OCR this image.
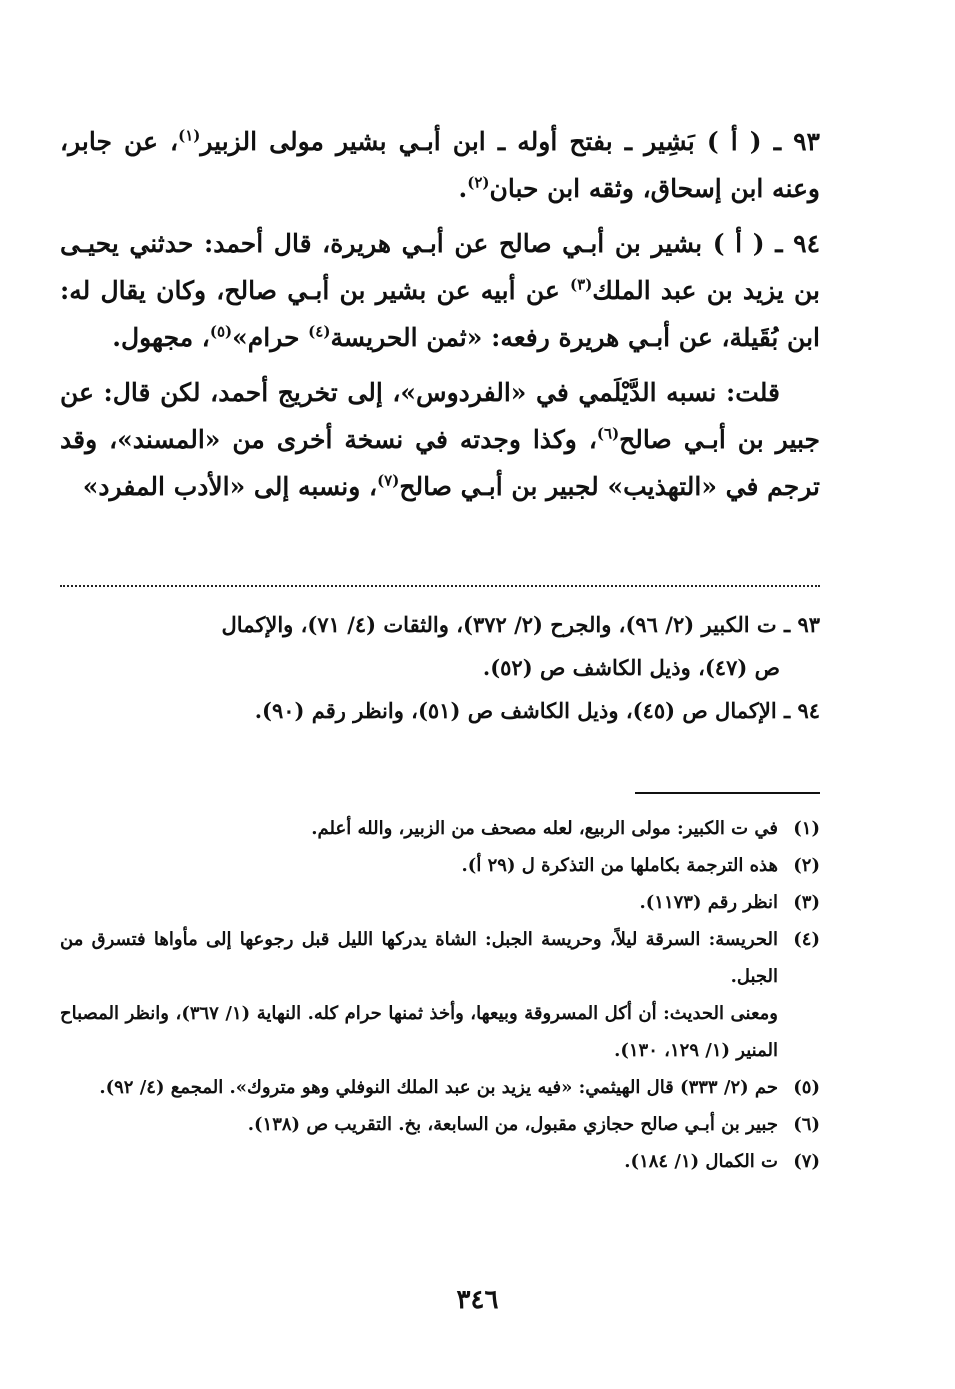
٩٣ ـ ( أ ) بَشِير ـ بفتح أوله ـ ابن أبـي بشير مولى الزبير$^{(١)}$، عن جابر، وعنه ابن إسحاق، وثقه ابن حبان$^{(٢)}$.

٩٤ ـ ( أ ) بشير بن أبـي صالح عن أبـي هريرة، قال أحمد: حدثني يحيـى بن يزيد بن عبد الملك$^{(٣)}$ عن أبيه عن بشير بن أبـي صالح، وكان يقال له: ابن بُقَيلة، عن أبـي هريرة رفعه: «ثمن الحريسة$^{(٤)}$ حرام»$^{(٥)}$، مجهول.

قلت: نسبه الدَّيْلَمي في «الفردوس»، إلى تخريج أحمد، لكن قال: عن جبير بن أبـي صالح$^{(٦)}$، وكذا وجدته في نسخة أخرى من «المسند»، وقد ترجم في «التهذيب» لجبير بن أبـي صالح$^{(٧)}$، ونسبه إلى «الأدب المفرد»

٩٣ ـ ت الكبير (٢/ ٩٦)، والجرح (٢/ ٣٧٢)، والثقات (٤/ ٧١)، والإكمال

ص (٤٧)، وذيل الكاشف ص (٥٢).

٩٤ ـ الإكمال ص (٤٥)، وذيل الكاشف ص (٥١)، وانظر رقم (٩٠).

(١)

في ت الكبير: مولى الربيع، لعله مصحف من الزبير، والله أعلم.

(٢)

هذه الترجمة بكاملها من التذكرة ل (٢٩ أ).

(٣)

انظر رقم (١١٧٣).

(٤)

الحريسة: السرقة ليلاً، وحريسة الجبل: الشاة يدركها الليل قبل رجوعها إلى مأواها فتسرق من الجبل.

ومعنى الحديث: أن أكل المسروقة وبيعها، وأخذ ثمنها حرام كله. النهاية (١/ ٣٦٧)، وانظر المصباح المنير (١/ ١٢٩، ١٣٠).

(٥)

حم (٢/ ٣٣٣) قال الهيثمي: «فيه يزيد بن عبد الملك النوفلي وهو متروك». المجمع (٤/ ٩٢).

(٦)

جبير بن أبـي صالح حجازي مقبول، من السابعة، بخ. التقريب ص (١٣٨).

(٧)

ت الكمال (١/ ١٨٤).

٣٤٦
